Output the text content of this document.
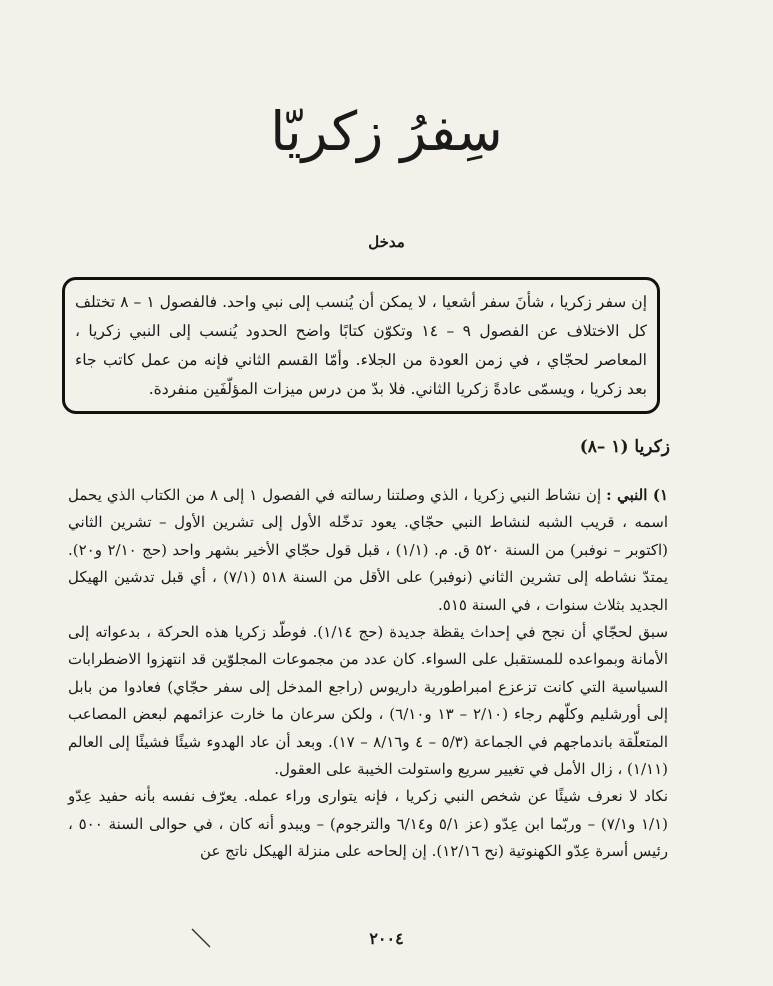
سِفرُ زكريّا
مدخل
إن سفر زكريا ، شأنَ سفر أشعيا ، لا يمكن أن يُنسب إلى نبي واحد. فالفصول ١ – ٨ تختلف كل الاختلاف عن الفصول ٩ – ١٤ وتكوّن كتابًا واضح الحدود يُنسب إلى النبي زكريا ، المعاصر لحجّاي ، في زمن العودة من الجلاء. وأمّا القسم الثاني فإنه من عمل كاتب جاء بعد زكريا ، ويسمّى عادةً زكريا الثاني. فلا بدّ من درس ميزات المؤلّفَين منفردة.
زكريا (١ –٨)

١) النبي : إن نشاط النبي زكريا ، الذي وصلتنا رسالته في الفصول ١ إلى ٨ من الكتاب الذي يحمل اسمه ، قريب الشبه لنشاط النبي حجّاي. يعود تدخّله الأول إلى تشرين الأول – تشرين الثاني (اكتوبر – نوفبر) من السنة ٥٢٠ ق. م. (١/١) ، قبل قول حجّاي الأخير بشهر واحد (حج ٢/١٠ و٢٠). يمتدّ نشاطه إلى تشرين الثاني (نوفبر) على الأقل من السنة ٥١٨ (٧/١) ، أي قبل تدشين الهيكل الجديد بثلاث سنوات ، في السنة ٥١٥.

سبق لحجّاي أن نجح في إحداث يقظة جديدة (حج ١/١٤). فوطّد زكريا هذه الحركة ، بدعواته إلى الأمانة وبمواعده للمستقبل على السواء. كان عدد من مجموعات المجلوّين قد انتهزوا الاضطرابات السياسية التي كانت تزعزع امبراطورية داريوس (راجع المدخل إلى سفر حجّاي) فعادوا من بابل إلى أورشليم وكلّهم رجاء (٢/١٠ – ١٣ و٦/١٠) ، ولكن سرعان ما خارت عزائمهم لبعض المصاعب المتعلّقة باندماجهم في الجماعة (٥/٣ – ٤ و٨/١٦ – ١٧). وبعد أن عاد الهدوء شيئًا فشيئًا إلى العالم (١/١١) ، زال الأمل في تغيير سريع واستولت الخيبة على العقول.

نكاد لا نعرف شيئًا عن شخص النبي زكريا ، فإنه يتوارى وراء عمله. يعرّف نفسه بأنه حفيد عِدّو (١/١ و٧/١) – وربّما ابن عِدّو (عز ٥/١ و٦/١٤ والترجوم) – ويبدو أنه كان ، في حوالى السنة ٥٠٠ ، رئيس أسرة عِدّو الكهنوتية (نح ١٢/١٦). إن إلحاحه على منزلة الهيكل ناتج عن

٢٠٠٤
